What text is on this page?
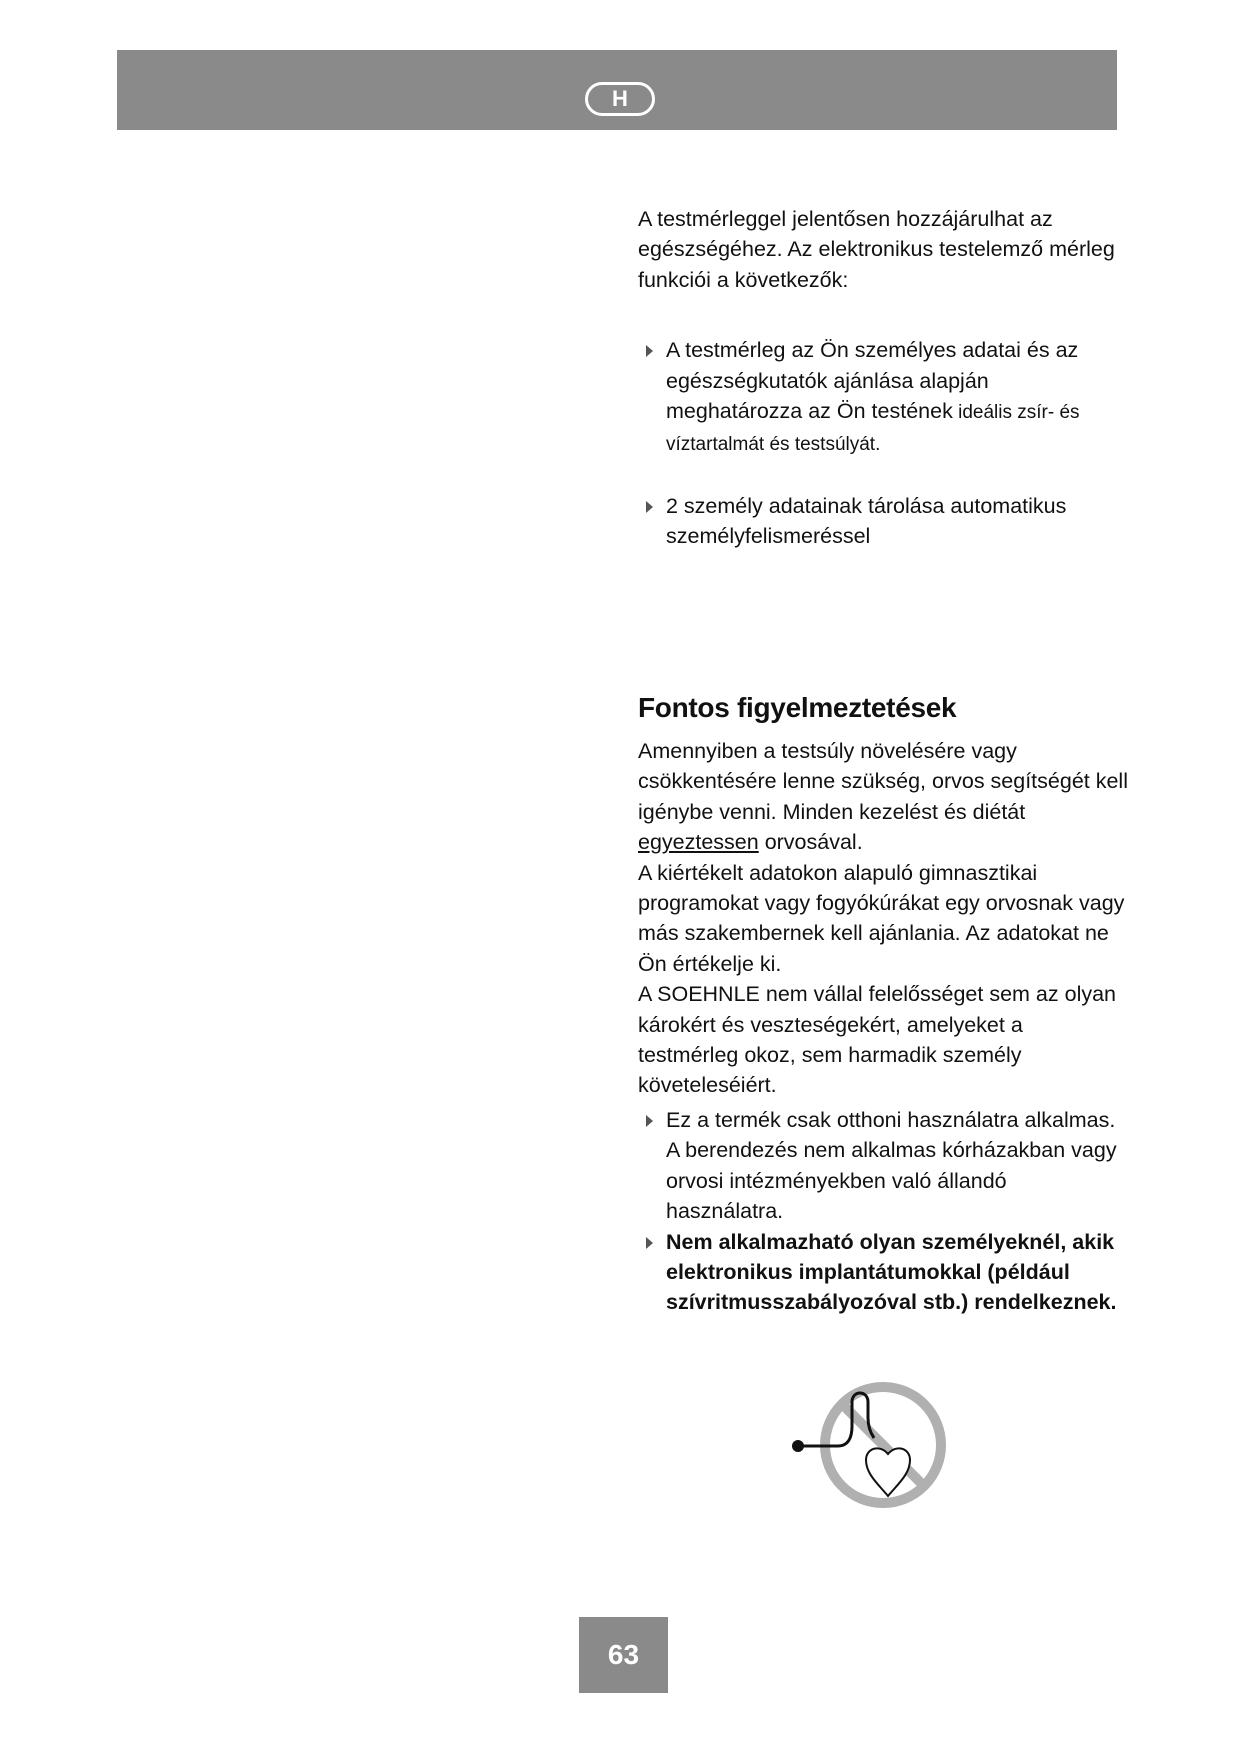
H

A testmérleggel jelentősen hozzájárulhat az egészségéhez. Az elektronikus testelemző mérleg funkciói a következők:

A testmérleg az Ön személyes adatai és az egészségkutatók ajánlása alapján meghatározza az Ön testének ideális zsír- és víztartalmát és testsúlyát.
2 személy adatainak tárolása automatikus személyfelismeréssel
Fontos figyelmeztetések

Amennyiben a testsúly növelésére vagy csökkentésére lenne szükség, orvos segítségét kell igénybe venni. Minden kezelést és diétát egyeztessen orvosával.

A kiértékelt adatokon alapuló gimnasztikai programokat vagy fogyókúrákat egy orvosnak vagy más szakembernek kell ajánlania. Az adatokat ne Ön értékelje ki.

A SOEHNLE nem vállal felelősséget sem az olyan károkért és veszteségekért, amelyeket a testmérleg okoz, sem harmadik személy követeleséiért.

Ez a termék csak otthoni használatra alkalmas. A berendezés nem alkalmas kórházakban vagy orvosi intézményekben való állandó használatra.
Nem alkalmazható olyan személyeknél, akik elektronikus implantátumokkal (például szívritmusszabályozóval stb.) rendelkeznek.
63
